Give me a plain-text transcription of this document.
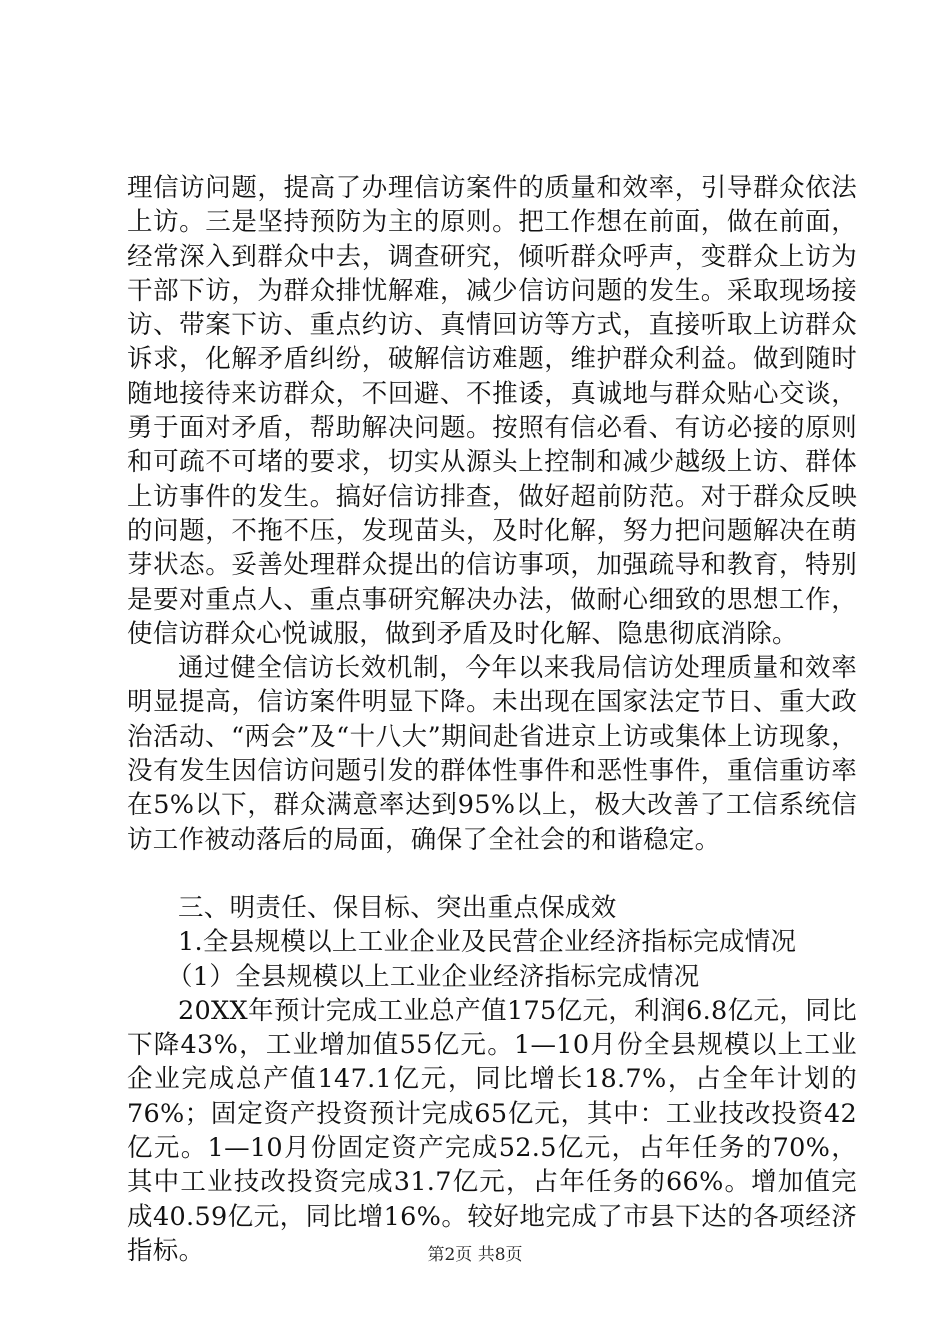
理信访问题，提高了办理信访案件的质量和效率，引导群众依法上访。三是坚持预防为主的原则。把工作想在前面，做在前面，经常深入到群众中去，调查研究，倾听群众呼声，变群众上访为干部下访，为群众排忧解难，减少信访问题的发生。采取现场接访、带案下访、重点约访、真情回访等方式，直接听取上访群众诉求，化解矛盾纠纷，破解信访难题，维护群众利益。做到随时随地接待来访群众，不回避、不推诿，真诚地与群众贴心交谈，勇于面对矛盾，帮助解决问题。按照有信必看、有访必接的原则和可疏不可堵的要求，切实从源头上控制和减少越级上访、群体上访事件的发生。搞好信访排查，做好超前防范。对于群众反映的问题，不拖不压，发现苗头，及时化解，努力把问题解决在萌芽状态。妥善处理群众提出的信访事项，加强疏导和教育，特别是要对重点人、重点事研究解决办法，做耐心细致的思想工作，使信访群众心悦诚服，做到矛盾及时化解、隐患彻底消除。

通过健全信访长效机制，今年以来我局信访处理质量和效率明显提高，信访案件明显下降。未出现在国家法定节日、重大政治活动、“两会”及“十八大”期间赴省进京上访或集体上访现象，没有发生因信访问题引发的群体性事件和恶性事件，重信重访率在5%以下，群众满意率达到95%以上，极大改善了工信系统信访工作被动落后的局面，确保了全社会的和谐稳定。

三、明责任、保目标、突出重点保成效

1.全县规模以上工业企业及民营企业经济指标完成情况

（1）全县规模以上工业企业经济指标完成情况

20XX年预计完成工业总产值175亿元，利润6.8亿元，同比下降43%，工业增加值55亿元。1—10月份全县规模以上工业企业完成总产值147.1亿元，同比增长18.7%，占全年计划的76%；固定资产投资预计完成65亿元，其中：工业技改投资42亿元。1—10月份固定资产完成52.5亿元，占年任务的70%，其中工业技改投资完成31.7亿元，占年任务的66%。增加值完成40.59亿元，同比增16%。较好地完成了市县下达的各项经济指标。	第2页 共8页
